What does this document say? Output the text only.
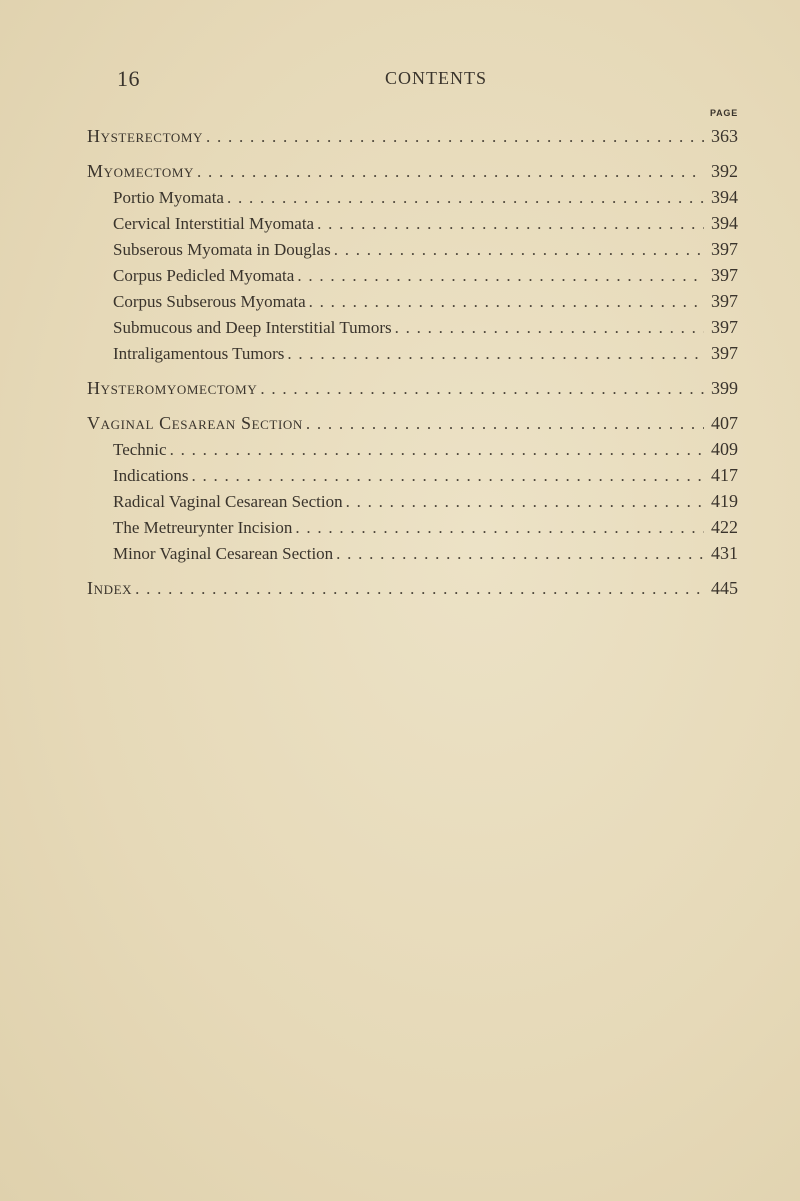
16	CONTENTS
PAGE
Hysterectomy . . .	363
Myomectomy . . .	392
Portio Myomata . . .	394
Cervical Interstitial Myomata . . .	394
Subserous Myomata in Douglas . . .	397
Corpus Pedicled Myomata . . .	397
Corpus Subserous Myomata . . .	397
Submucous and Deep Interstitial Tumors . . .	397
Intraligamentous Tumors . . .	397
Hysteromyomectomy . . .	399
Vaginal Cesarean Section . . .	407
Technic . . .	409
Indications . . .	417
Radical Vaginal Cesarean Section . . .	419
The Metreurynter Incision . . .	422
Minor Vaginal Cesarean Section . . .	431
Index . . .	445
